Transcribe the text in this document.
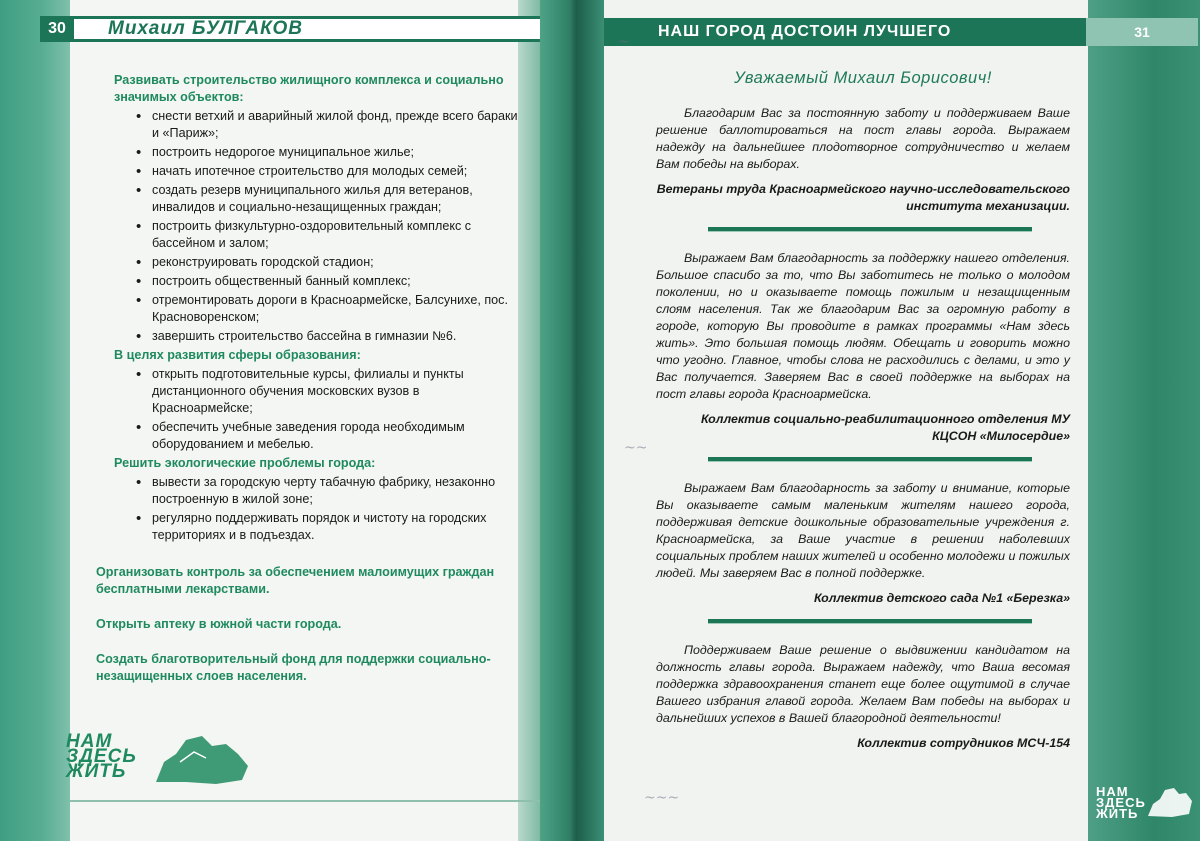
30	Михаил БУЛГАКОВ

Развивать строительство жилищного комплекса и социально значимых объектов:

• снести ветхий и аварийный жилой фонд, прежде всего бараки и «Париж»;
• построить недорогое муниципальное жилье;
• начать ипотечное строительство для молодых семей;
• создать резерв муниципального жилья для ветеранов, инвалидов и социально-незащищенных граждан;
• построить физкультурно-оздоровительный комплекс с бассейном и залом;
• реконструировать городской стадион;
• построить общественный банный комплекс;
• отремонтировать дороги в Красноармейске, Балсунихе, пос. Красноворенском;
• завершить строительство бассейна в гимназии №6.

В целях развития сферы образования:

• открыть подготовительные курсы, филиалы и пункты дистанционного обучения московских вузов в Красноармейске;
• обеспечить учебные заведения города необходимым оборудованием и мебелью.

Решить экологические проблемы города:

• вывести за городскую черту табачную фабрику, незаконно построенную в жилой зоне;
• регулярно поддерживать порядок и чистоту на городских территориях и в подъездах.

Организовать контроль за обеспечением малоимущих граждан бесплатными лекарствами.

Открыть аптеку в южной части города.

Создать благотворительный фонд для поддержки социально-незащищенных слоев населения.

НАМ
ЗДЕСЬ
ЖИТЬ
НАШ ГОРОД ДОСТОИН ЛУЧШЕГО	31
~
~~
~~~

Уважаемый Михаил Борисович!

Благодарим Вас за постоянную заботу и поддерживаем Ваше решение баллотироваться на пост главы города. Выражаем надежду на дальнейшее плодотворное сотрудничество и желаем Вам победы на выборах.

Ветераны труда Красноармейского научно-исследовательского института механизации.

Выражаем Вам благодарность за поддержку нашего отделения. Большое спасибо за то, что Вы заботитесь не только о молодом поколении, но и оказываете помощь пожилым и незащищенным слоям населения. Так же благодарим Вас за огромную работу в городе, которую Вы проводите в рамках программы «Нам здесь жить». Это большая помощь людям. Обещать и говорить можно что угодно. Главное, чтобы слова не расходились с делами, и это у Вас получается. Заверяем Вас в своей поддержке на выборах на пост главы города Красноармейска.

Коллектив социально-реабилитационного отделения МУ КЦСОН «Милосердие»

Выражаем Вам благодарность за заботу и внимание, которые Вы оказываете самым маленьким жителям нашего города, поддерживая детские дошкольные образовательные учреждения г. Красноармейска, за Ваше участие в решении наболевших социальных проблем наших жителей и особенно молодежи и пожилых людей. Мы заверяем Вас в полной поддержке.

Коллектив детского сада №1 «Березка»

Поддерживаем Ваше решение о выдвижении кандидатом на должность главы города. Выражаем надежду, что Ваша весомая поддержка здравоохранения станет еще более ощутимой в случае Вашего избрания главой города. Желаем Вам победы на выборах и дальнейших успехов в Вашей благородной деятельности!

Коллектив сотрудников МСЧ-154

НАМ
ЗДЕСЬ
ЖИТЬ
